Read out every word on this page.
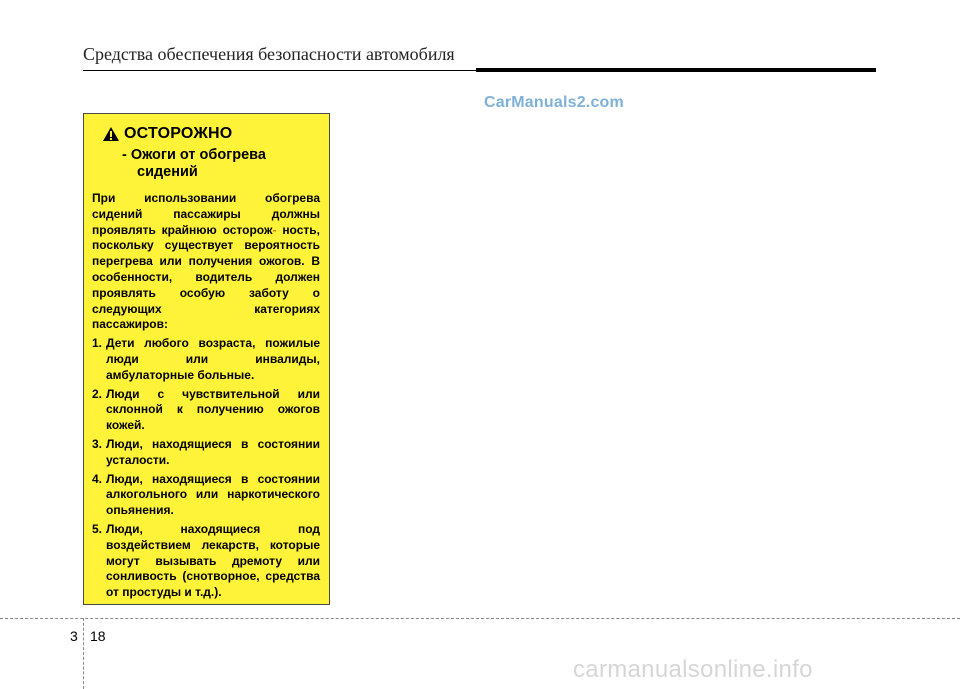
Средства обеспечения безопасности автомобиля
CarManuals2.com
ОСТОРОЖНО
- Ожоги от обогрева
сидений
При использовании обогрева сидений пассажиры должны проявлять крайнюю осторож- ность, поскольку существует вероятность перегрева или получения ожогов. В особенности, водитель должен проявлять особую заботу о следующих категориях
пассажиров:
1. Дети любого возраста, пожилые люди или инвалиды, амбулаторные больные.
2. Люди с чувствительной или склонной к получению ожогов кожей.
3. Люди, находящиеся в состоянии усталости.
4. Люди, находящиеся в состоянии алкогольного или наркотического опьянения.
5. Люди, находящиеся под воздействием лекарств, которые могут вызывать дремоту или сонливость (снотворное, средства от простуды и т.д.).
3 18
carmanualsonline.info
